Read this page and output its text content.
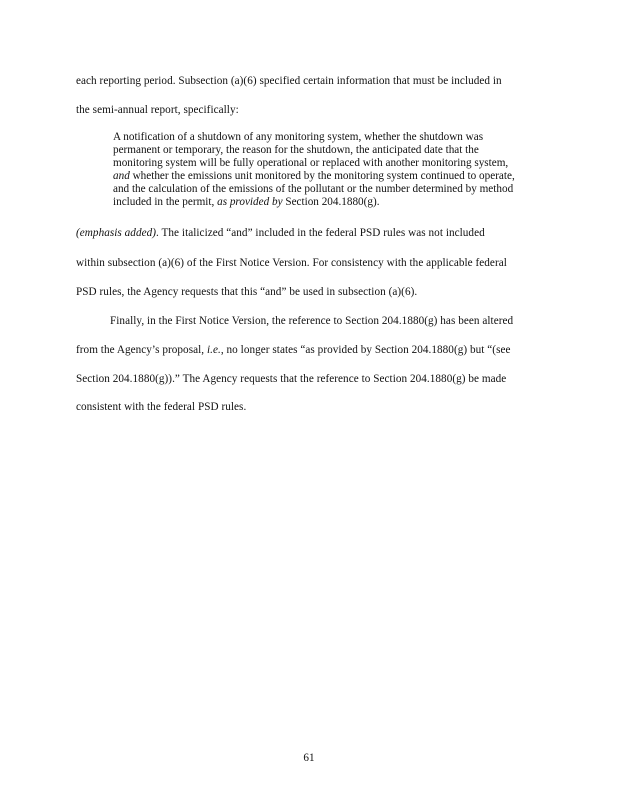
each reporting period. Subsection (a)(6) specified certain information that must be included in
the semi-annual report, specifically:
A notification of a shutdown of any monitoring system, whether the shutdown was
permanent or temporary, the reason for the shutdown, the anticipated date that the
monitoring system will be fully operational or replaced with another monitoring system,
and whether the emissions unit monitored by the monitoring system continued to operate,
and the calculation of the emissions of the pollutant or the number determined by method
included in the permit, as provided by Section 204.1880(g).
(emphasis added). The italicized “and” included in the federal PSD rules was not included
within subsection (a)(6) of the First Notice Version. For consistency with the applicable federal
PSD rules, the Agency requests that this “and” be used in subsection (a)(6).
Finally, in the First Notice Version, the reference to Section 204.1880(g) has been altered
from the Agency’s proposal, i.e., no longer states “as provided by Section 204.1880(g) but “(see
Section 204.1880(g)).” The Agency requests that the reference to Section 204.1880(g) be made
consistent with the federal PSD rules.
61
